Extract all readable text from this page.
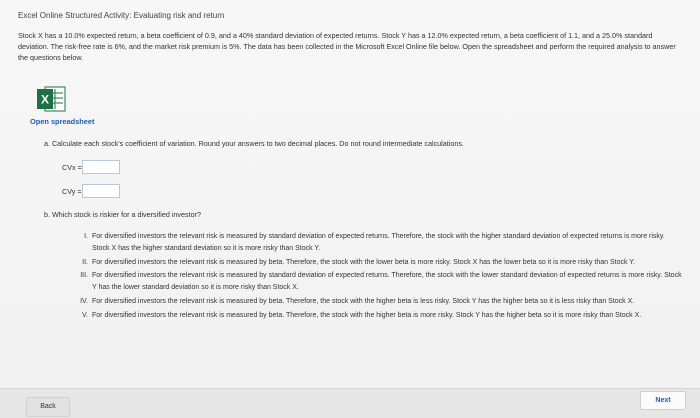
Excel Online Structured Activity: Evaluating risk and return
Stock X has a 10.0% expected return, a beta coefficient of 0.9, and a 40% standard deviation of expected returns. Stock Y has a 12.0% expected return, a beta coefficient of 1.1, and a 25.0% standard deviation. The risk-free rate is 6%, and the market risk premium is 5%. The data has been collected in the Microsoft Excel Online file below. Open the spreadsheet and perform the required analysis to answer the questions below.
X
Open spreadsheet
a. Calculate each stock's coefficient of variation. Round your answers to two decimal places. Do not round intermediate calculations.
CVx =
CVy =
b. Which stock is riskier for a diversified investor?
I. For diversified investors the relevant risk is measured by standard deviation of expected returns. Therefore, the stock with the higher standard deviation of expected returns is more risky. Stock X has the higher standard deviation so it is more risky than Stock Y.
II. For diversified investors the relevant risk is measured by beta. Therefore, the stock with the lower beta is more risky. Stock X has the lower beta so it is more risky than Stock Y.
III. For diversified investors the relevant risk is measured by standard deviation of expected returns. Therefore, the stock with the lower standard deviation of expected returns is more risky. Stock Y has the lower standard deviation so it is more risky than Stock X.
IV. For diversified investors the relevant risk is measured by beta. Therefore, the stock with the higher beta is less risky. Stock Y has the higher beta so it is less risky than Stock X.
V. For diversified investors the relevant risk is measured by beta. Therefore, the stock with the higher beta is more risky. Stock Y has the higher beta so it is more risky than Stock X.
Back
Next
